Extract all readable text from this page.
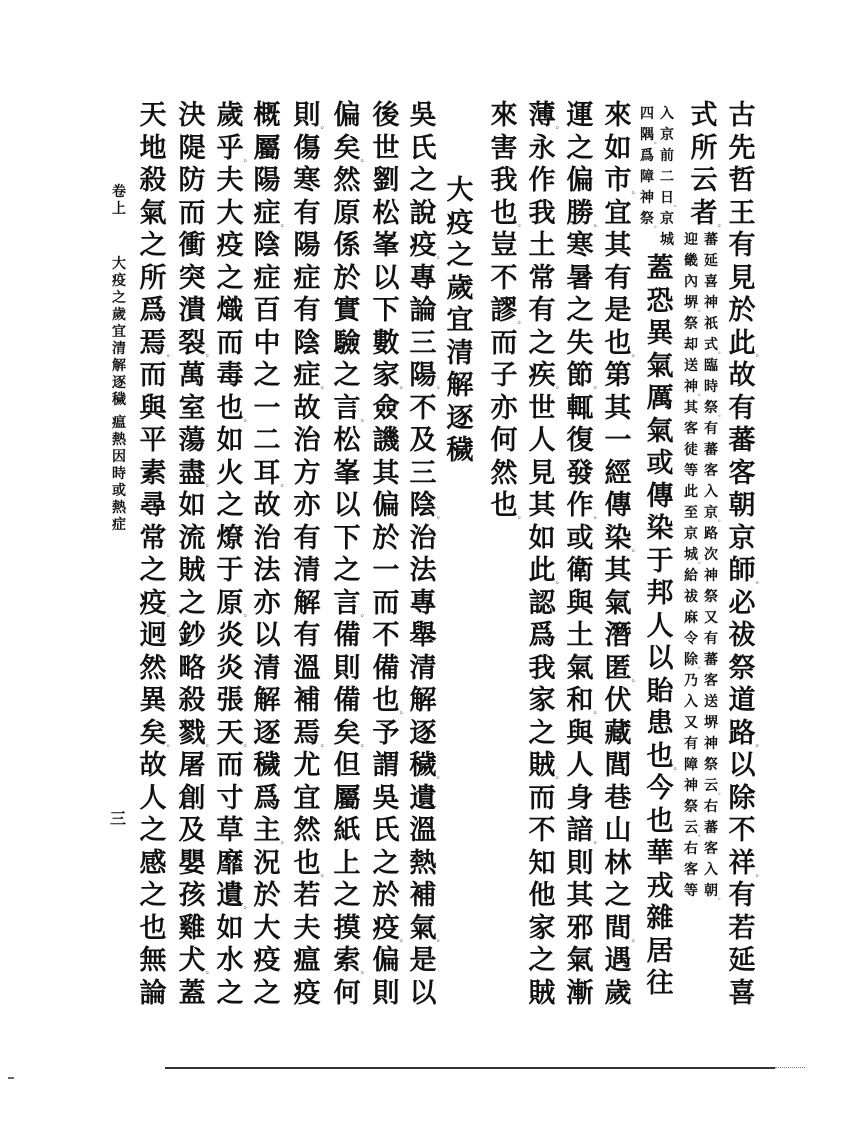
古
先
哲
王
有
見
於
此 。
故
有
蕃
客
朝
京
師 。
必
祓
祭
道
路 。
以
除
不
祥 。
有
若
延
喜
式
所
云
者 。
蕃
延
喜
神
祇
式 。
臨
時
祭 。
有
蕃
客
入
京 。
路
次
神
祭
又
有
蕃
客
送
堺
神
祭
云 。
右
蕃
客
入
朝 。
迎
畿
內
堺 。
祭
却
送
神 。
其
客
徒
等
此
至
京
城 。
給
祓
麻
令
除 。
乃
入
又
有
障
神
祭
云 。
右
客
等
入
京
前
二
日 。
京
城
四
隅 。
爲
障
神
祭 。
蓋
恐
異
氣
厲
氣
或
傳
染
于
邦
人
以
貽
患
也 。
今
也
華
戎
雜
居
往
來
如
市 。
宜
其
有
是
也 。
第
其
一
經
傳
染 。
其
氣
潛
匿 。
伏
藏
閭
巷
山
林
之
間 。
遇
歲
運
之
偏
勝 。
寒
暑
之
失
節 。
輒
復
發
作 。
或
衛
與
土
氣
和 。
與
人
身
諳 。
則
其
邪
氣
漸
薄 。
永
作
我
土
常
有
之
疾 。
世
人
見
其
如
此 。
認
爲
我
家
之
賊 。
而
不
知
他
家
之
賊
來
害
我
也 。
豈
不
謬 。
而
子
亦
何
然
也 。
大
疫
之
歲
宜
清
解
逐
穢
吳
氏
之
說
疫 。
專
論
三
陽 。
不
及
三
陰 。
治
法
專
舉
清
解
逐
穢 。
遺
溫
熱
補
氣 。
是
以
後
世
劉
松
峯
以
下
數
家 。
僉
譏
其
偏
於
一
而
不
備
也 。
予
謂
吳
氏
之
於
疫 。
偏
則
偏
矣 。
然
原
係
於
實
驗
之
言 。
松
峯
以
下
之
言 。
備
則
備
矣 。
但
屬
紙
上
之
摸
索 。
何
則 。
傷
寒
有
陽
症
有
陰
症 。
故
治
方
亦
有
清
解
有
溫
補
焉 。
尤
宜
然
也 。
若
夫
瘟
疫
概
屬
陽
症 。
陰
症
百
中
之
一
二
耳 。
故
治
法
亦
以
清
解
逐
穢
爲
主 。
況
於
大
疫
之
歲
乎 。
夫
大
疫
之
熾
而
毒
也 。
如
火
之
燎
于
原 。
炎
炎
張
天 。
而
寸
草
靡
遺 。
如
水
之
決
隄
防
而
衝
突
潰
裂 。
萬
室
蕩
盡 。
如
流
賊
之
鈔
略
殺
戮 。
屠
創
及
嬰
孩
雞
犬 。
蓋
天
地
殺
氣
之
所
爲
焉 。
而
與
平
素
尋
常
之
疫 。
迥
然
異
矣 。
故
人
之
感
之
也
無
論
卷
上
大
疫
之
歲
宜
清
解
逐
穢
瘟
熱
因
時
或
熱
症
三
